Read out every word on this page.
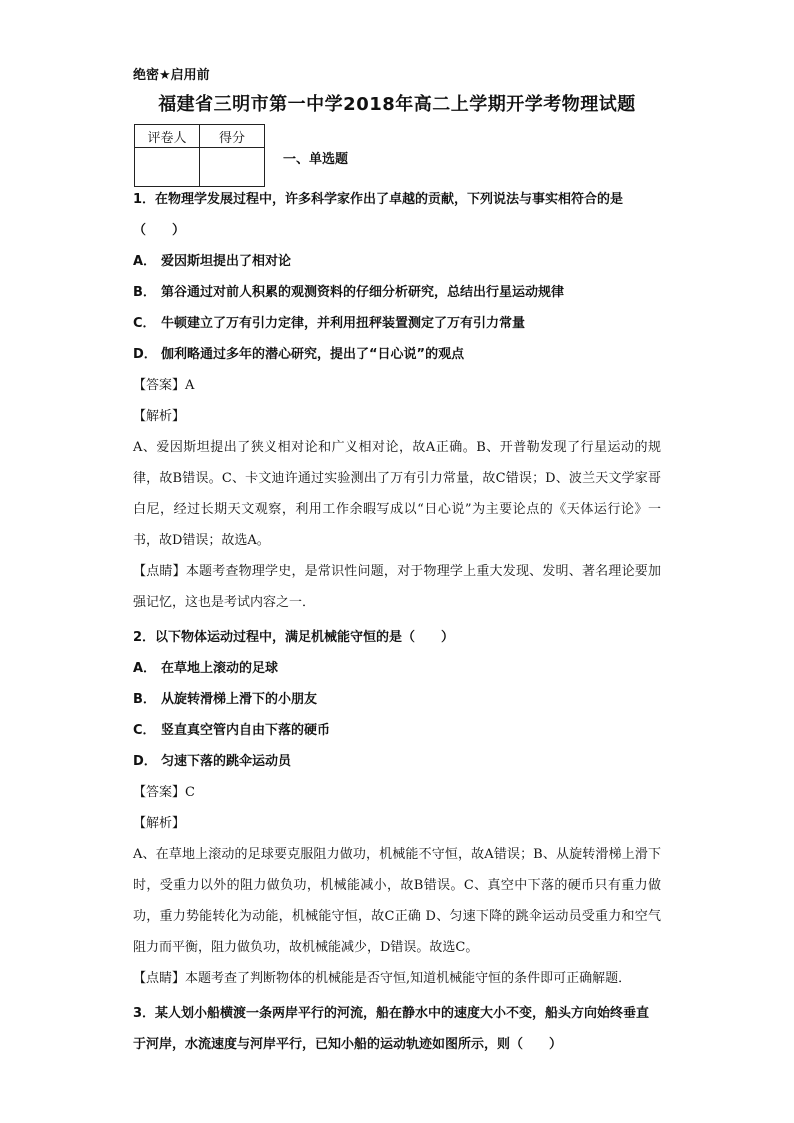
绝密★启用前
福建省三明市第一中学2018年高二上学期开学考物理试题
评卷人	得分

一、单选题
1．在物理学发展过程中，许多科学家作出了卓越的贡献，下列说法与事实相符合的是（　　）
A． 爱因斯坦提出了相对论
B． 第谷通过对前人积累的观测资料的仔细分析研究，总结出行星运动规律
C． 牛顿建立了万有引力定律，并利用扭秤装置测定了万有引力常量
D． 伽利略通过多年的潜心研究，提出了“日心说”的观点
【答案】A
【解析】
A、爱因斯坦提出了狭义相对论和广义相对论，故A正确。B、开普勒发现了行星运动的规律，故B错误。C、卡文迪许通过实验测出了万有引力常量，故C错误；D、波兰天文学家哥白尼，经过长期天文观察，利用工作余暇写成以“日心说”为主要论点的《天体运行论》一书，故D错误；故选A。
【点睛】本题考查物理学史，是常识性问题，对于物理学上重大发现、发明、著名理论要加强记忆，这也是考试内容之一．
2．以下物体运动过程中，满足机械能守恒的是（　　）
A． 在草地上滚动的足球
B． 从旋转滑梯上滑下的小朋友
C． 竖直真空管内自由下落的硬币
D． 匀速下落的跳伞运动员
【答案】C
【解析】
A、在草地上滚动的足球要克服阻力做功，机械能不守恒，故A错误；B、从旋转滑梯上滑下时，受重力以外的阻力做负功，机械能减小，故B错误。C、真空中下落的硬币只有重力做功，重力势能转化为动能，机械能守恒，故C正确 D、匀速下降的跳伞运动员受重力和空气阻力而平衡，阻力做负功，故机械能减少，D错误。故选C。
【点睛】本题考查了判断物体的机械能是否守恒,知道机械能守恒的条件即可正确解题．
3．某人划小船横渡一条两岸平行的河流，船在静水中的速度大小不变，船头方向始终垂直于河岸，水流速度与河岸平行，已知小船的运动轨迹如图所示，则（　　）
